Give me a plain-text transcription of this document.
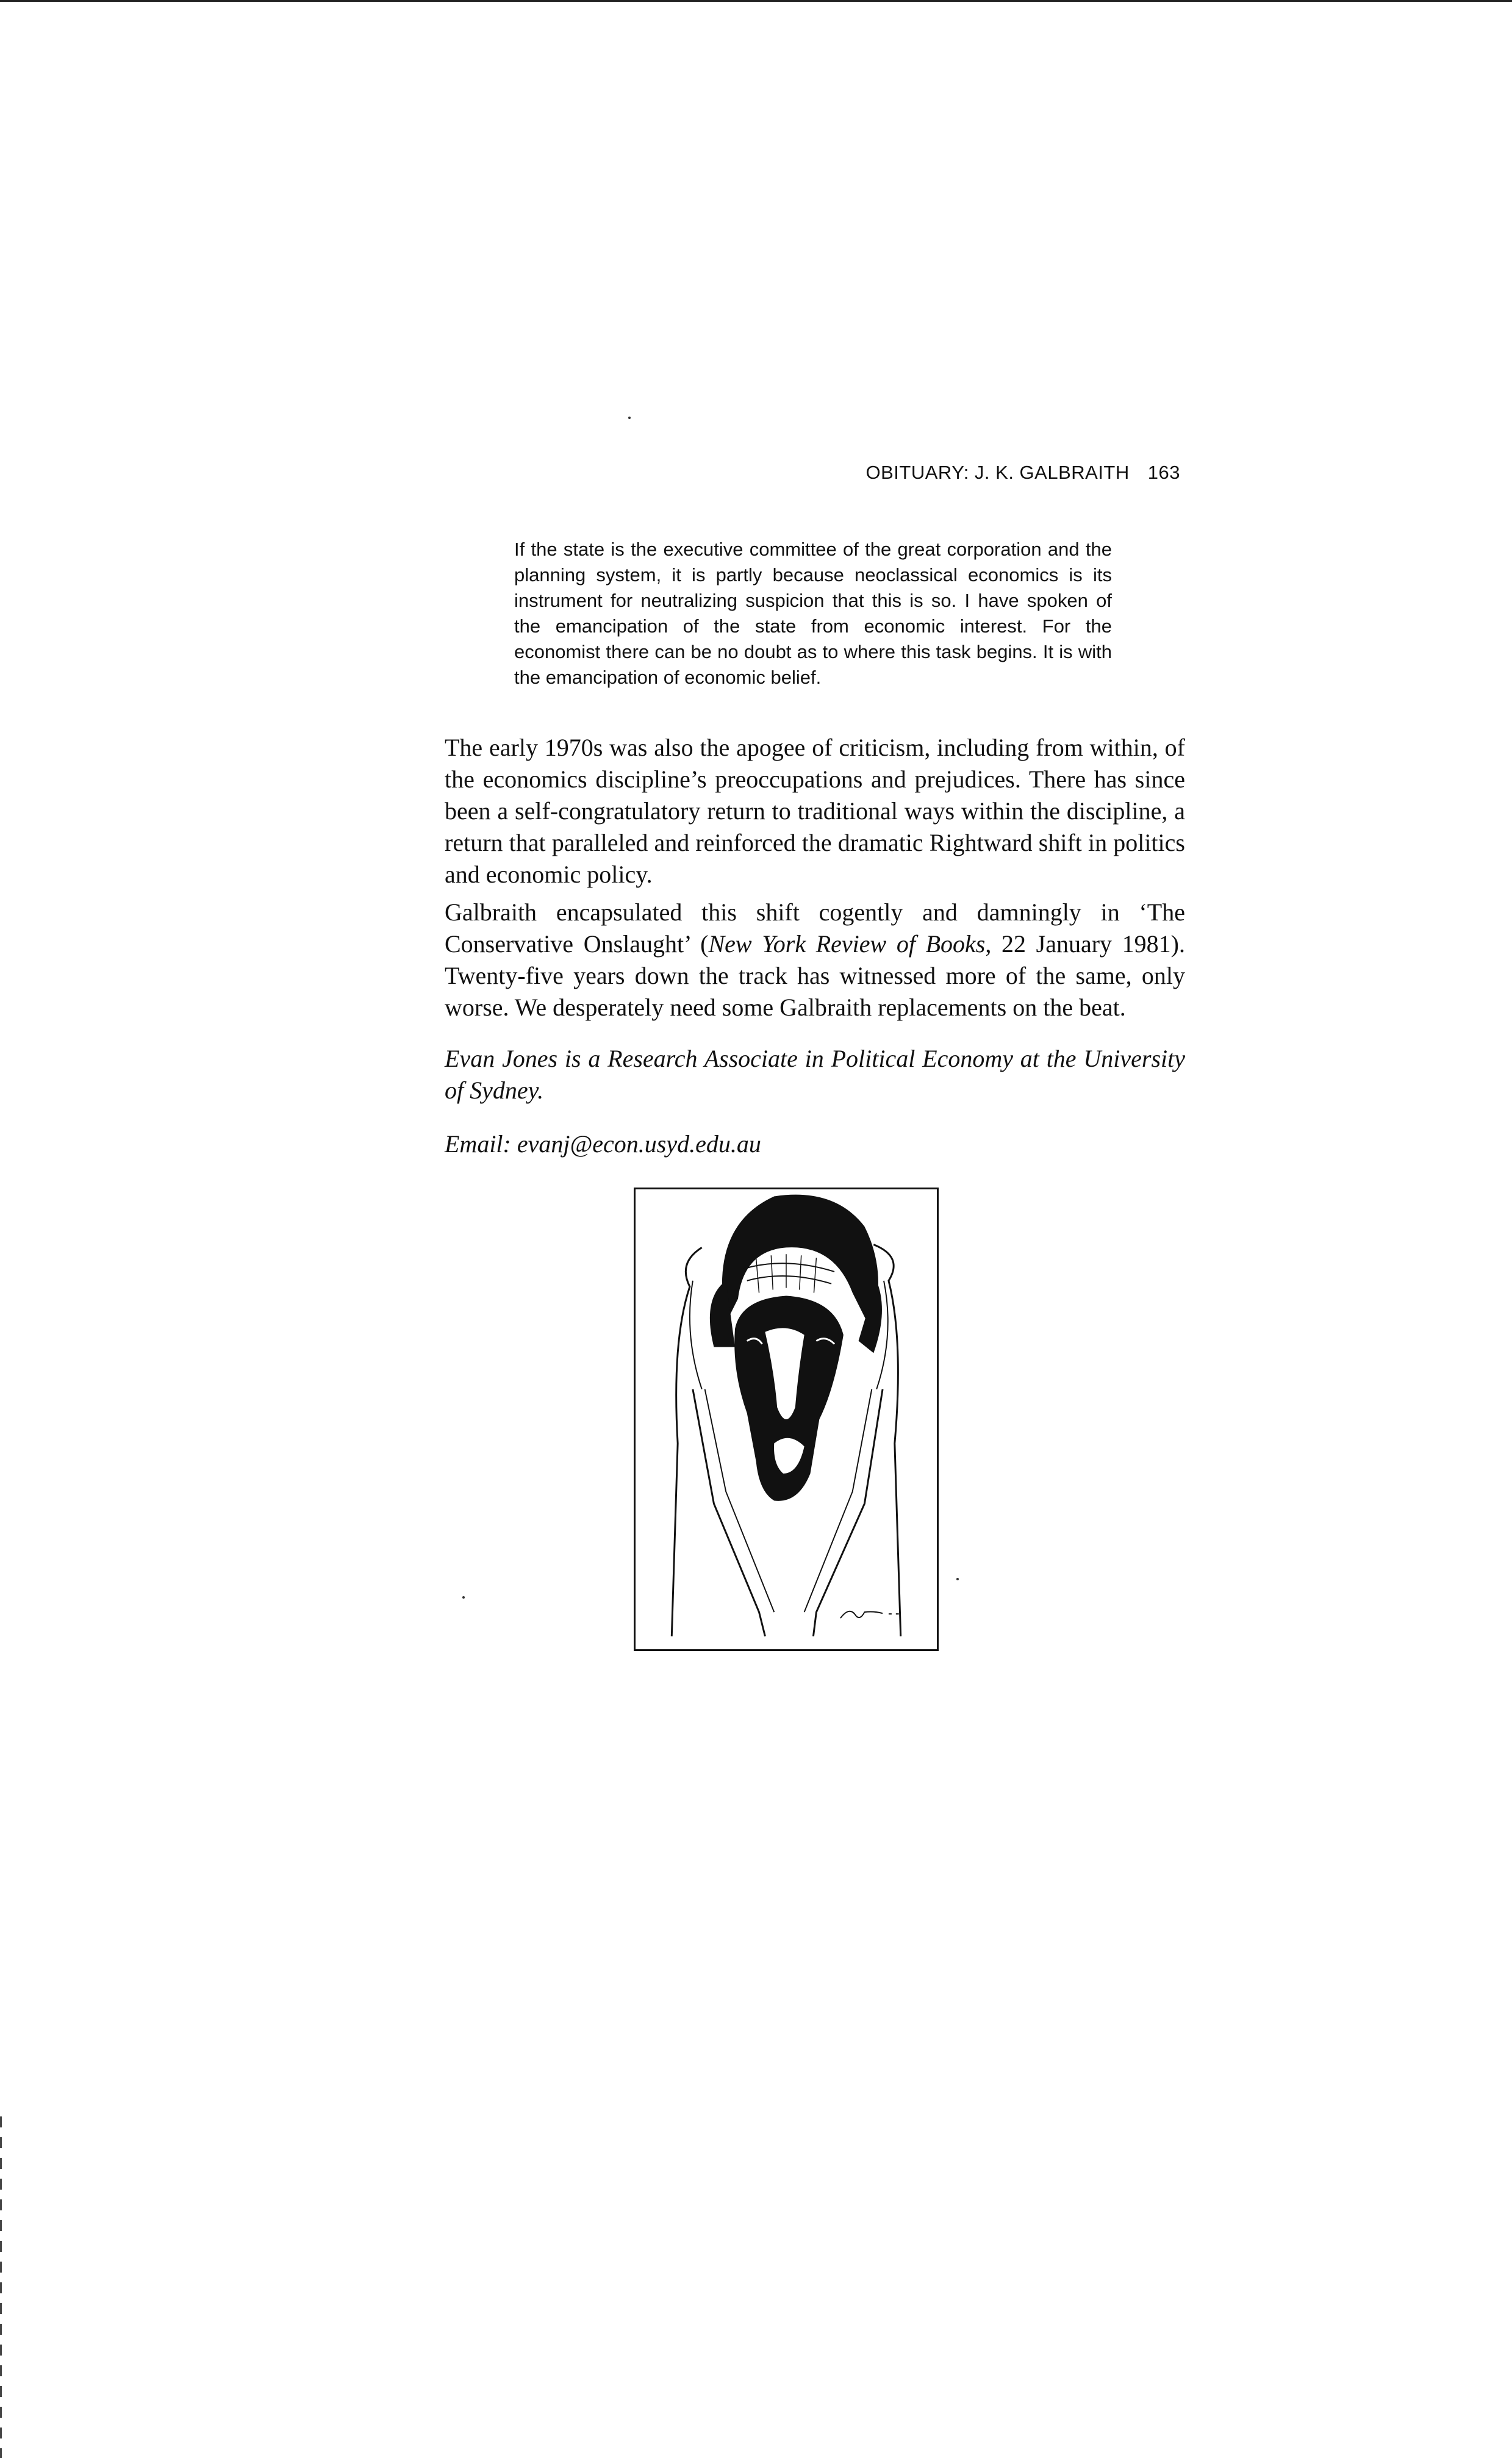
OBITUARY: J. K. GALBRAITH 163

If the state is the executive committee of the great corporation and the planning system, it is partly because neoclassical economics is its instrument for neutralizing suspicion that this is so. I have spoken of the emancipation of the state from economic interest. For the economist there can be no doubt as to where this task begins. It is with the emancipation of economic belief.

The early 1970s was also the apogee of criticism, including from within, of the economics discipline’s preoccupations and prejudices. There has since been a self-congratulatory return to traditional ways within the discipline, a return that paralleled and reinforced the dramatic Rightward shift in politics and economic policy.

Galbraith encapsulated this shift cogently and damningly in ‘The Conservative Onslaught’ (New York Review of Books, 22 January 1981). Twenty-five years down the track has witnessed more of the same, only worse. We desperately need some Galbraith replacements on the beat.

Evan Jones is a Research Associate in Political Economy at the University of Sydney.

Email: evanj@econ.usyd.edu.au
